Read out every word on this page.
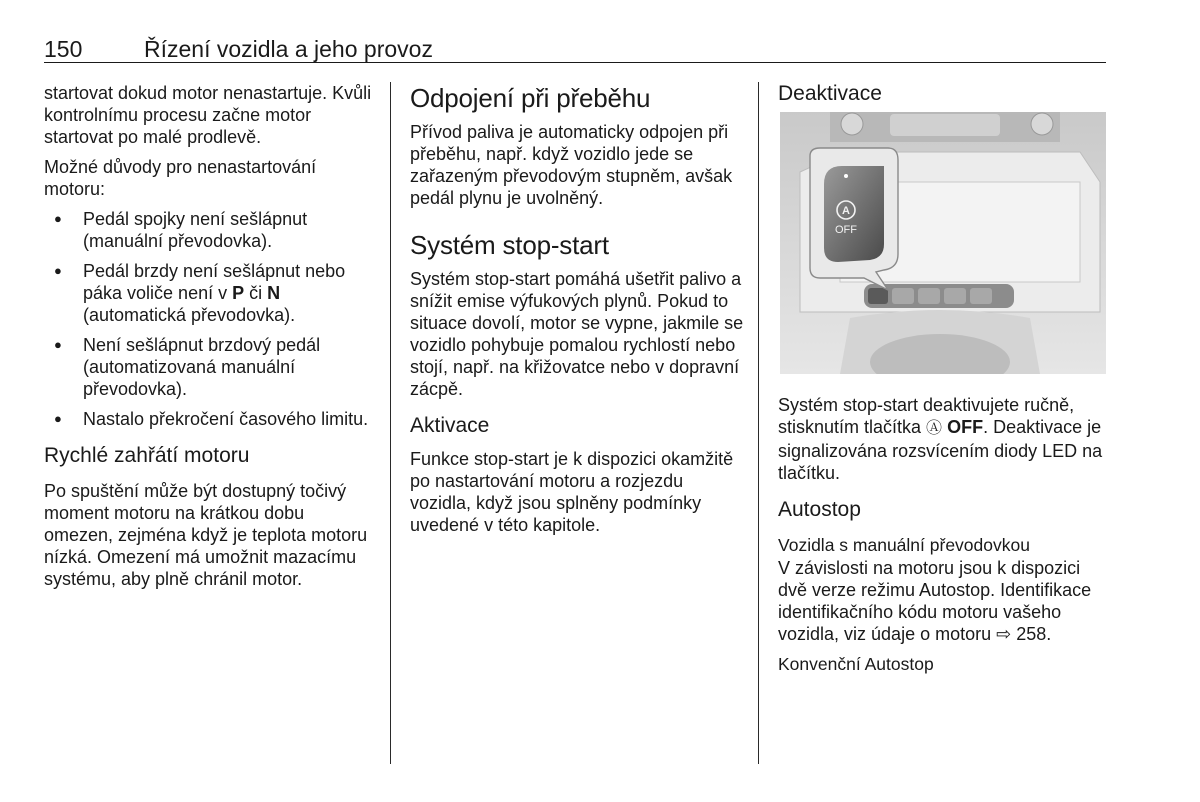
150	Řízení vozidla a jeho provoz

startovat dokud motor nenastartuje. Kvůli kontrolnímu procesu začne motor startovat po malé prodlevě.

Možné důvody pro nenastartování motoru:

● Pedál spojky není sešlápnut (manuální převodovka).
● Pedál brzdy není sešlápnut nebo páka voliče není v P či N (automatická převodovka).
● Není sešlápnut brzdový pedál (automatizovaná manuální převodovka).
● Nastalo překročení časového limitu.
Rychlé zahřátí motoru

Po spuštění může být dostupný točivý moment motoru na krátkou dobu omezen, zejména když je teplota motoru nízká. Omezení má umožnit mazacímu systému, aby plně chránil motor.

Odpojení při přeběhu

Přívod paliva je automaticky odpojen při přeběhu, např. když vozidlo jede se zařazeným převodovým stupněm, avšak pedál plynu je uvolněný.

Systém stop-start

Systém stop-start pomáhá ušetřit palivo a snížit emise výfukových plynů. Pokud to situace dovolí, motor se vypne, jakmile se vozidlo pohybuje pomalou rychlostí nebo stojí, např. na křižovatce nebo v dopravní zácpě.

Aktivace

Funkce stop-start je k dispozici okamžitě po nastartování motoru a rozjezdu vozidla, když jsou splněny podmínky uvedené v této kapitole.

Deaktivace
A
OFF

Systém stop-start deaktivujete ručně, stisknutím tlačítka Ⓐ OFF. Deaktivace je signalizována rozsvícením diody LED na tlačítku.

Autostop
Vozidla s manuální převodovkou

V závislosti na motoru jsou k dispozici dvě verze režimu Autostop. Identifikace identifikačního kódu motoru vašeho vozidla, viz údaje o motoru ⇨ 258.

Konvenční Autostop
